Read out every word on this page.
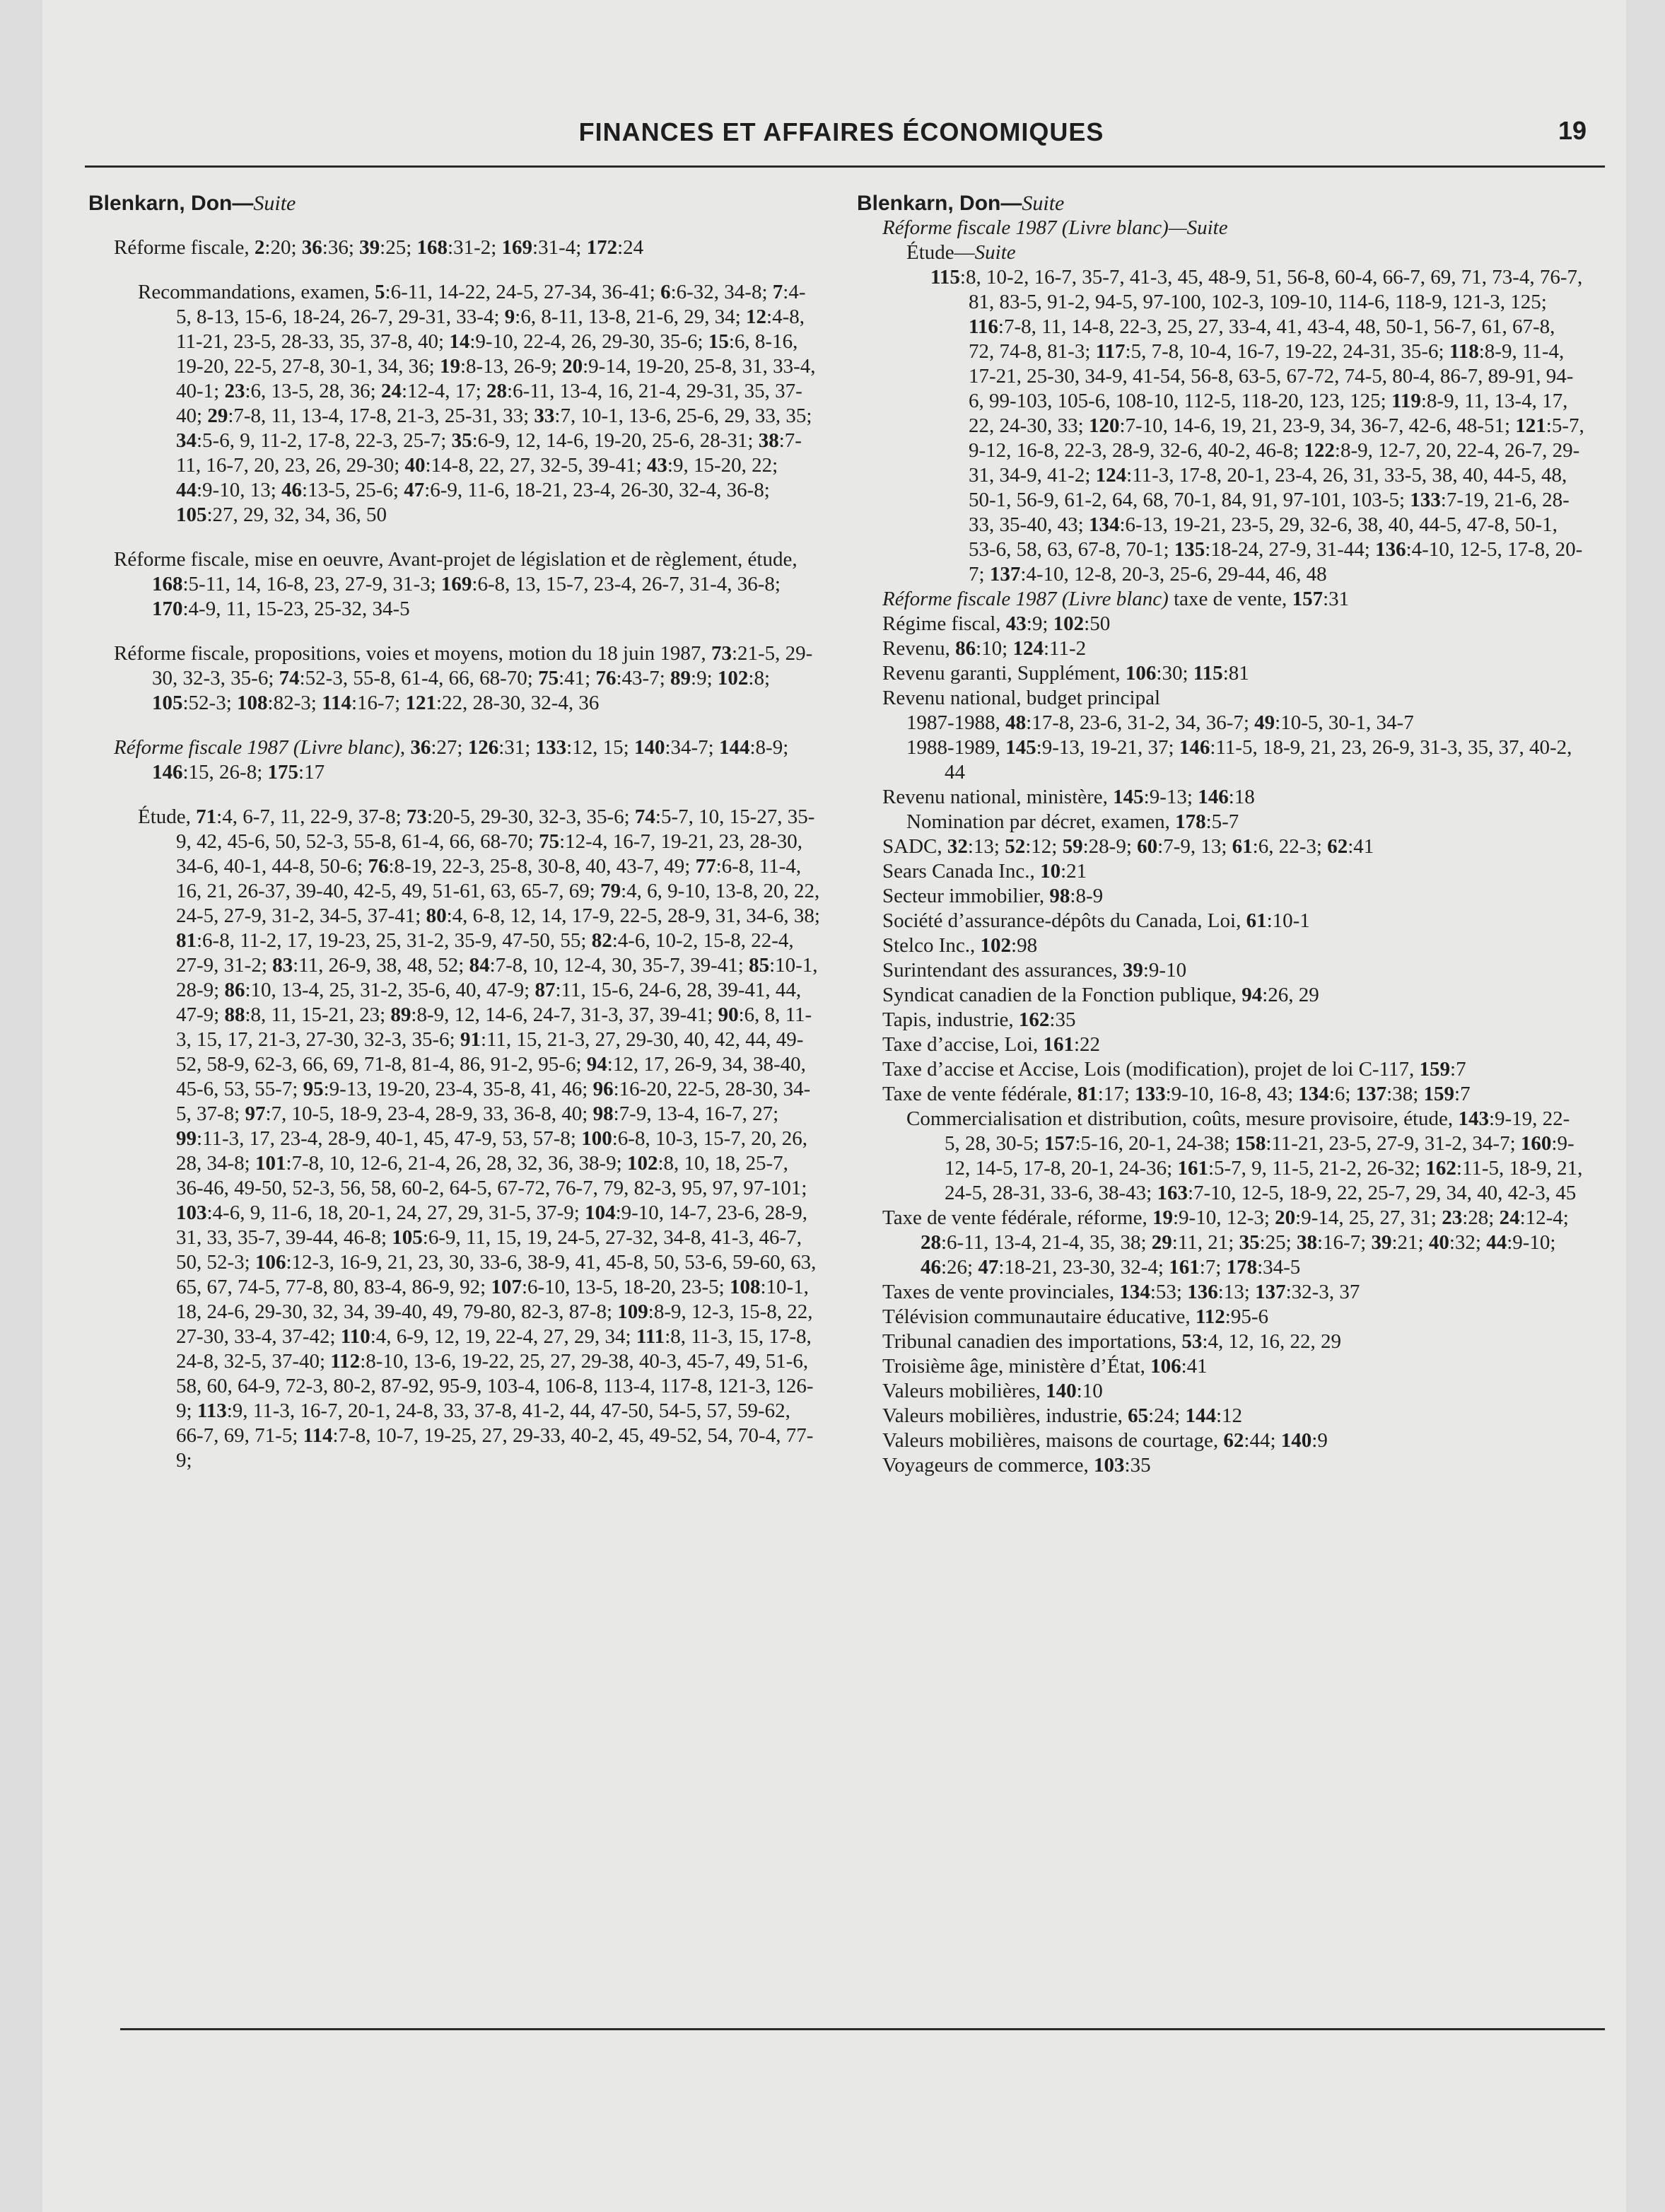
FINANCES ET AFFAIRES ÉCONOMIQUES	19
Blenkarn, Don—Suite
Réforme fiscale, 2:20; 36:36; 39:25; 168:31-2; 169:31-4; 172:24
Recommandations, examen, 5:6-11, 14-22, 24-5, 27-34, 36-41; 6:6-32, 34-8; 7:4-5, 8-13, 15-6, 18-24, 26-7, 29-31, 33-4; 9:6, 8-11, 13-8, 21-6, 29, 34; 12:4-8, 11-21, 23-5, 28-33, 35, 37-8, 40; 14:9-10, 22-4, 26, 29-30, 35-6; 15:6, 8-16, 19-20, 22-5, 27-8, 30-1, 34, 36; 19:8-13, 26-9; 20:9-14, 19-20, 25-8, 31, 33-4, 40-1; 23:6, 13-5, 28, 36; 24:12-4, 17; 28:6-11, 13-4, 16, 21-4, 29-31, 35, 37-40; 29:7-8, 11, 13-4, 17-8, 21-3, 25-31, 33; 33:7, 10-1, 13-6, 25-6, 29, 33, 35; 34:5-6, 9, 11-2, 17-8, 22-3, 25-7; 35:6-9, 12, 14-6, 19-20, 25-6, 28-31; 38:7-11, 16-7, 20, 23, 26, 29-30; 40:14-8, 22, 27, 32-5, 39-41; 43:9, 15-20, 22; 44:9-10, 13; 46:13-5, 25-6; 47:6-9, 11-6, 18-21, 23-4, 26-30, 32-4, 36-8; 105:27, 29, 32, 34, 36, 50
Réforme fiscale, mise en oeuvre, Avant-projet de législation et de règlement, étude, 168:5-11, 14, 16-8, 23, 27-9, 31-3; 169:6-8, 13, 15-7, 23-4, 26-7, 31-4, 36-8; 170:4-9, 11, 15-23, 25-32, 34-5
Réforme fiscale, propositions, voies et moyens, motion du 18 juin 1987, 73:21-5, 29-30, 32-3, 35-6; 74:52-3, 55-8, 61-4, 66, 68-70; 75:41; 76:43-7; 89:9; 102:8; 105:52-3; 108:82-3; 114:16-7; 121:22, 28-30, 32-4, 36
Réforme fiscale 1987 (Livre blanc), 36:27; 126:31; 133:12, 15; 140:34-7; 144:8-9; 146:15, 26-8; 175:17
Étude, 71:4, 6-7, 11, 22-9, 37-8; 73:20-5, 29-30, 32-3, 35-6; 74:5-7, 10, 15-27, 35-9, 42, 45-6, 50, 52-3, 55-8, 61-4, 66, 68-70; 75:12-4, 16-7, 19-21, 23, 28-30, 34-6, 40-1, 44-8, 50-6; 76:8-19, 22-3, 25-8, 30-8, 40, 43-7, 49; 77:6-8, 11-4, 16, 21, 26-37, 39-40, 42-5, 49, 51-61, 63, 65-7, 69; 79:4, 6, 9-10, 13-8, 20, 22, 24-5, 27-9, 31-2, 34-5, 37-41; 80:4, 6-8, 12, 14, 17-9, 22-5, 28-9, 31, 34-6, 38; 81:6-8, 11-2, 17, 19-23, 25, 31-2, 35-9, 47-50, 55; 82:4-6, 10-2, 15-8, 22-4, 27-9, 31-2; 83:11, 26-9, 38, 48, 52; 84:7-8, 10, 12-4, 30, 35-7, 39-41; 85:10-1, 28-9; 86:10, 13-4, 25, 31-2, 35-6, 40, 47-9; 87:11, 15-6, 24-6, 28, 39-41, 44, 47-9; 88:8, 11, 15-21, 23; 89:8-9, 12, 14-6, 24-7, 31-3, 37, 39-41; 90:6, 8, 11-3, 15, 17, 21-3, 27-30, 32-3, 35-6; 91:11, 15, 21-3, 27, 29-30, 40, 42, 44, 49-52, 58-9, 62-3, 66, 69, 71-8, 81-4, 86, 91-2, 95-6; 94:12, 17, 26-9, 34, 38-40, 45-6, 53, 55-7; 95:9-13, 19-20, 23-4, 35-8, 41, 46; 96:16-20, 22-5, 28-30, 34-5, 37-8; 97:7, 10-5, 18-9, 23-4, 28-9, 33, 36-8, 40; 98:7-9, 13-4, 16-7, 27; 99:11-3, 17, 23-4, 28-9, 40-1, 45, 47-9, 53, 57-8; 100:6-8, 10-3, 15-7, 20, 26, 28, 34-8; 101:7-8, 10, 12-6, 21-4, 26, 28, 32, 36, 38-9; 102:8, 10, 18, 25-7, 36-46, 49-50, 52-3, 56, 58, 60-2, 64-5, 67-72, 76-7, 79, 82-3, 95, 97, 97-101; 103:4-6, 9, 11-6, 18, 20-1, 24, 27, 29, 31-5, 37-9; 104:9-10, 14-7, 23-6, 28-9, 31, 33, 35-7, 39-44, 46-8; 105:6-9, 11, 15, 19, 24-5, 27-32, 34-8, 41-3, 46-7, 50, 52-3; 106:12-3, 16-9, 21, 23, 30, 33-6, 38-9, 41, 45-8, 50, 53-6, 59-60, 63, 65, 67, 74-5, 77-8, 80, 83-4, 86-9, 92; 107:6-10, 13-5, 18-20, 23-5; 108:10-1, 18, 24-6, 29-30, 32, 34, 39-40, 49, 79-80, 82-3, 87-8; 109:8-9, 12-3, 15-8, 22, 27-30, 33-4, 37-42; 110:4, 6-9, 12, 19, 22-4, 27, 29, 34; 111:8, 11-3, 15, 17-8, 24-8, 32-5, 37-40; 112:8-10, 13-6, 19-22, 25, 27, 29-38, 40-3, 45-7, 49, 51-6, 58, 60, 64-9, 72-3, 80-2, 87-92, 95-9, 103-4, 106-8, 113-4, 117-8, 121-3, 126-9; 113:9, 11-3, 16-7, 20-1, 24-8, 33, 37-8, 41-2, 44, 47-50, 54-5, 57, 59-62, 66-7, 69, 71-5; 114:7-8, 10-7, 19-25, 27, 29-33, 40-2, 45, 49-52, 54, 70-4, 77-9;
Blenkarn, Don—Suite
Réforme fiscale 1987 (Livre blanc)—Suite
Étude—Suite
115:8, 10-2, 16-7, 35-7, 41-3, 45, 48-9, 51, 56-8, 60-4, 66-7, 69, 71, 73-4, 76-7, 81, 83-5, 91-2, 94-5, 97-100, 102-3, 109-10, 114-6, 118-9, 121-3, 125; 116:7-8, 11, 14-8, 22-3, 25, 27, 33-4, 41, 43-4, 48, 50-1, 56-7, 61, 67-8, 72, 74-8, 81-3; 117:5, 7-8, 10-4, 16-7, 19-22, 24-31, 35-6; 118:8-9, 11-4, 17-21, 25-30, 34-9, 41-54, 56-8, 63-5, 67-72, 74-5, 80-4, 86-7, 89-91, 94-6, 99-103, 105-6, 108-10, 112-5, 118-20, 123, 125; 119:8-9, 11, 13-4, 17, 22, 24-30, 33; 120:7-10, 14-6, 19, 21, 23-9, 34, 36-7, 42-6, 48-51; 121:5-7, 9-12, 16-8, 22-3, 28-9, 32-6, 40-2, 46-8; 122:8-9, 12-7, 20, 22-4, 26-7, 29-31, 34-9, 41-2; 124:11-3, 17-8, 20-1, 23-4, 26, 31, 33-5, 38, 40, 44-5, 48, 50-1, 56-9, 61-2, 64, 68, 70-1, 84, 91, 97-101, 103-5; 133:7-19, 21-6, 28-33, 35-40, 43; 134:6-13, 19-21, 23-5, 29, 32-6, 38, 40, 44-5, 47-8, 50-1, 53-6, 58, 63, 67-8, 70-1; 135:18-24, 27-9, 31-44; 136:4-10, 12-5, 17-8, 20-7; 137:4-10, 12-8, 20-3, 25-6, 29-44, 46, 48
Réforme fiscale 1987 (Livre blanc) taxe de vente, 157:31
Régime fiscal, 43:9; 102:50
Revenu, 86:10; 124:11-2
Revenu garanti, Supplément, 106:30; 115:81
Revenu national, budget principal
1987-1988, 48:17-8, 23-6, 31-2, 34, 36-7; 49:10-5, 30-1, 34-7
1988-1989, 145:9-13, 19-21, 37; 146:11-5, 18-9, 21, 23, 26-9, 31-3, 35, 37, 40-2, 44
Revenu national, ministère, 145:9-13; 146:18
Nomination par décret, examen, 178:5-7
SADC, 32:13; 52:12; 59:28-9; 60:7-9, 13; 61:6, 22-3; 62:41
Sears Canada Inc., 10:21
Secteur immobilier, 98:8-9
Société d’assurance-dépôts du Canada, Loi, 61:10-1
Stelco Inc., 102:98
Surintendant des assurances, 39:9-10
Syndicat canadien de la Fonction publique, 94:26, 29
Tapis, industrie, 162:35
Taxe d’accise, Loi, 161:22
Taxe d’accise et Accise, Lois (modification), projet de loi C-117, 159:7
Taxe de vente fédérale, 81:17; 133:9-10, 16-8, 43; 134:6; 137:38; 159:7
Commercialisation et distribution, coûts, mesure provisoire, étude, 143:9-19, 22-5, 28, 30-5; 157:5-16, 20-1, 24-38; 158:11-21, 23-5, 27-9, 31-2, 34-7; 160:9-12, 14-5, 17-8, 20-1, 24-36; 161:5-7, 9, 11-5, 21-2, 26-32; 162:11-5, 18-9, 21, 24-5, 28-31, 33-6, 38-43; 163:7-10, 12-5, 18-9, 22, 25-7, 29, 34, 40, 42-3, 45
Taxe de vente fédérale, réforme, 19:9-10, 12-3; 20:9-14, 25, 27, 31; 23:28; 24:12-4; 28:6-11, 13-4, 21-4, 35, 38; 29:11, 21; 35:25; 38:16-7; 39:21; 40:32; 44:9-10; 46:26; 47:18-21, 23-30, 32-4; 161:7; 178:34-5
Taxes de vente provinciales, 134:53; 136:13; 137:32-3, 37
Télévision communautaire éducative, 112:95-6
Tribunal canadien des importations, 53:4, 12, 16, 22, 29
Troisième âge, ministère d’État, 106:41
Valeurs mobilières, 140:10
Valeurs mobilières, industrie, 65:24; 144:12
Valeurs mobilières, maisons de courtage, 62:44; 140:9
Voyageurs de commerce, 103:35
